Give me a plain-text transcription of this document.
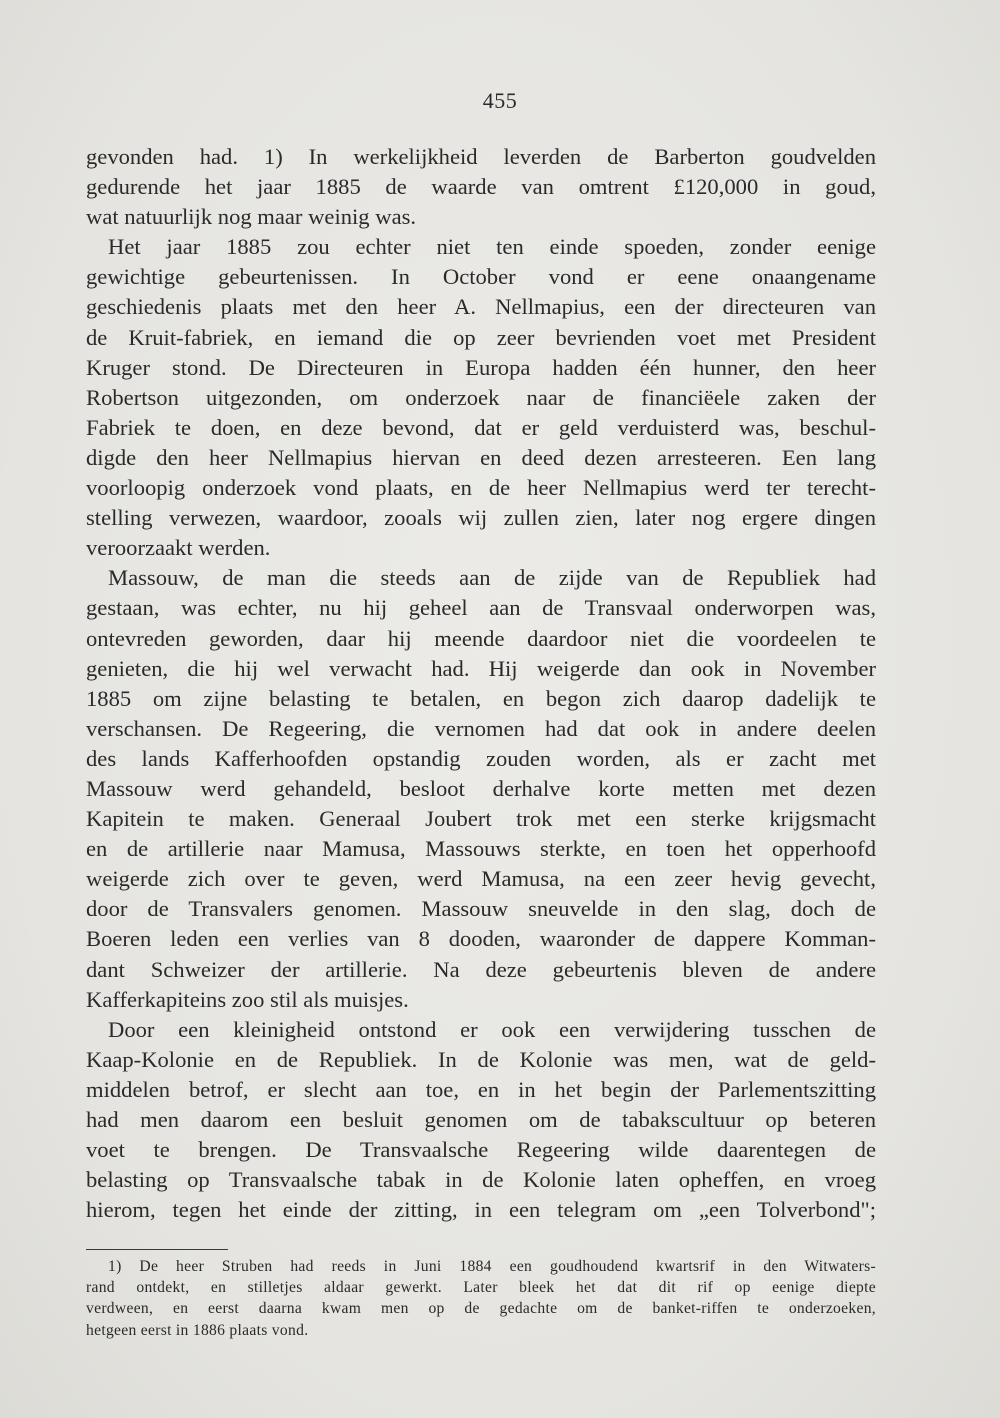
455
gevonden had. 1) In werkelijkheid leverden de Barberton goudvelden
gedurende het jaar 1885 de waarde van omtrent £120,000 in goud,
wat natuurlijk nog maar weinig was.
Het jaar 1885 zou echter niet ten einde spoeden, zonder eenige
gewichtige gebeurtenissen. In October vond er eene onaangename
geschiedenis plaats met den heer A. Nellmapius, een der directeuren van
de Kruit-fabriek, en iemand die op zeer bevrienden voet met President
Kruger stond. De Directeuren in Europa hadden één hunner, den heer
Robertson uitgezonden, om onderzoek naar de financiëele zaken der
Fabriek te doen, en deze bevond, dat er geld verduisterd was, beschul-
digde den heer Nellmapius hiervan en deed dezen arresteeren. Een lang
voorloopig onderzoek vond plaats, en de heer Nellmapius werd ter terecht-
stelling verwezen, waardoor, zooals wij zullen zien, later nog ergere dingen
veroorzaakt werden.
Massouw, de man die steeds aan de zijde van de Republiek had
gestaan, was echter, nu hij geheel aan de Transvaal onderworpen was,
ontevreden geworden, daar hij meende daardoor niet die voordeelen te
genieten, die hij wel verwacht had. Hij weigerde dan ook in November
1885 om zijne belasting te betalen, en begon zich daarop dadelijk te
verschansen. De Regeering, die vernomen had dat ook in andere deelen
des lands Kafferhoofden opstandig zouden worden, als er zacht met
Massouw werd gehandeld, besloot derhalve korte metten met dezen
Kapitein te maken. Generaal Joubert trok met een sterke krijgsmacht
en de artillerie naar Mamusa, Massouws sterkte, en toen het opperhoofd
weigerde zich over te geven, werd Mamusa, na een zeer hevig gevecht,
door de Transvalers genomen. Massouw sneuvelde in den slag, doch de
Boeren leden een verlies van 8 dooden, waaronder de dappere Komman-
dant Schweizer der artillerie. Na deze gebeurtenis bleven de andere
Kafferkapiteins zoo stil als muisjes.
Door een kleinigheid ontstond er ook een verwijdering tusschen de
Kaap-Kolonie en de Republiek. In de Kolonie was men, wat de geld-
middelen betrof, er slecht aan toe, en in het begin der Parlementszitting
had men daarom een besluit genomen om de tabakscultuur op beteren
voet te brengen. De Transvaalsche Regeering wilde daarentegen de
belasting op Transvaalsche tabak in de Kolonie laten opheffen, en vroeg
hierom, tegen het einde der zitting, in een telegram om „een Tolverbond";
1) De heer Struben had reeds in Juni 1884 een goudhoudend kwartsrif in den Witwaters-
rand ontdekt, en stilletjes aldaar gewerkt. Later bleek het dat dit rif op eenige diepte
verdween, en eerst daarna kwam men op de gedachte om de banket-riffen te onderzoeken,
hetgeen eerst in 1886 plaats vond.
